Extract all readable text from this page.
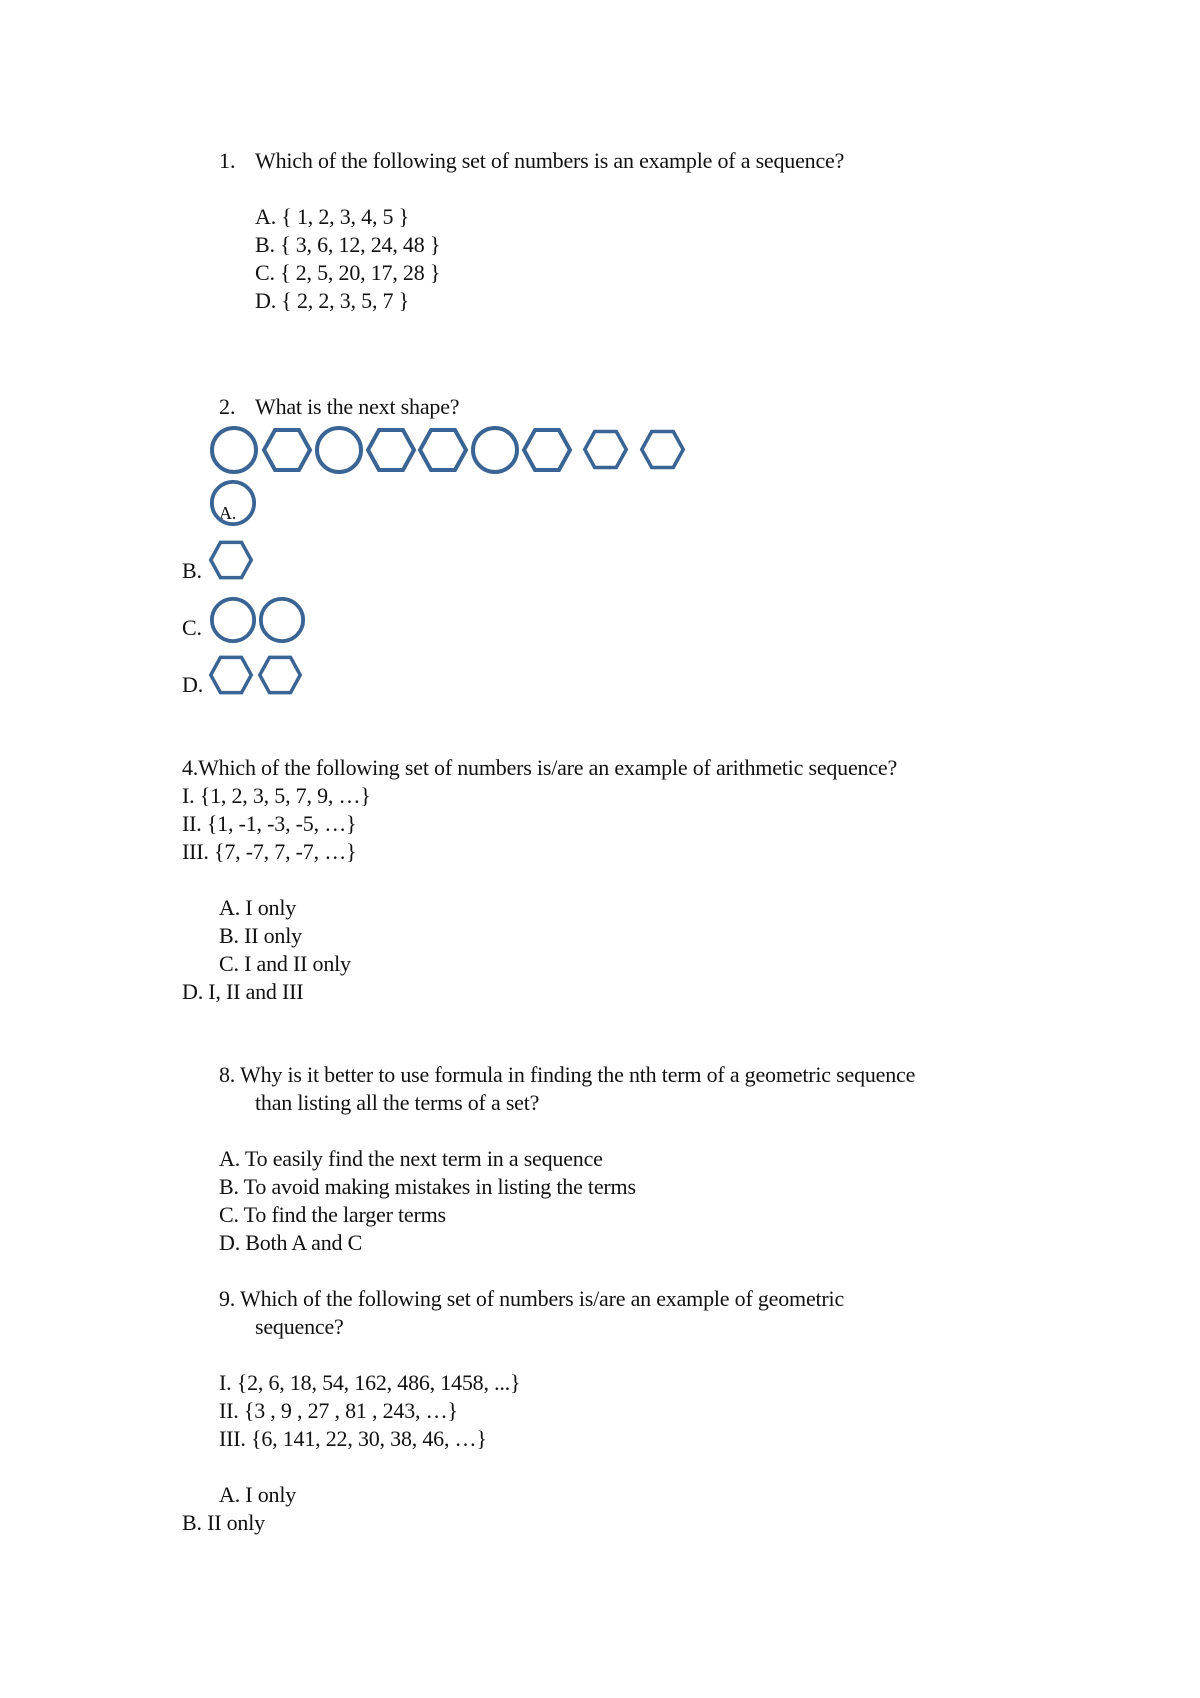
1. Which of the following set of numbers is an example of a sequence?
A. { 1, 2, 3, 4, 5 }
B. { 3, 6, 12, 24, 48 }
C. { 2, 5, 20, 17, 28 }
D. { 2, 2, 3, 5, 7 }
2. What is the next shape?
A.
B.
C.
D.
4.Which of the following set of numbers is/are an example of arithmetic sequence?
I. {1, 2, 3, 5, 7, 9, …}
II. {1, -1, -3, -5, …}
III. {7, -7, 7, -7, …}
A. I only
B. II only
C. I and II only
D. I, II and III
8. Why is it better to use formula in finding the nth term of a geometric sequence
than listing all the terms of a set?
A. To easily find the next term in a sequence
B. To avoid making mistakes in listing the terms
C. To find the larger terms
D. Both A and C
9. Which of the following set of numbers is/are an example of geometric
sequence?
I. {2, 6, 18, 54, 162, 486, 1458, ...}
II. {3 , 9 , 27 , 81 , 243, …}
III. {6, 141, 22, 30, 38, 46, …}
A. I only
B. II only
